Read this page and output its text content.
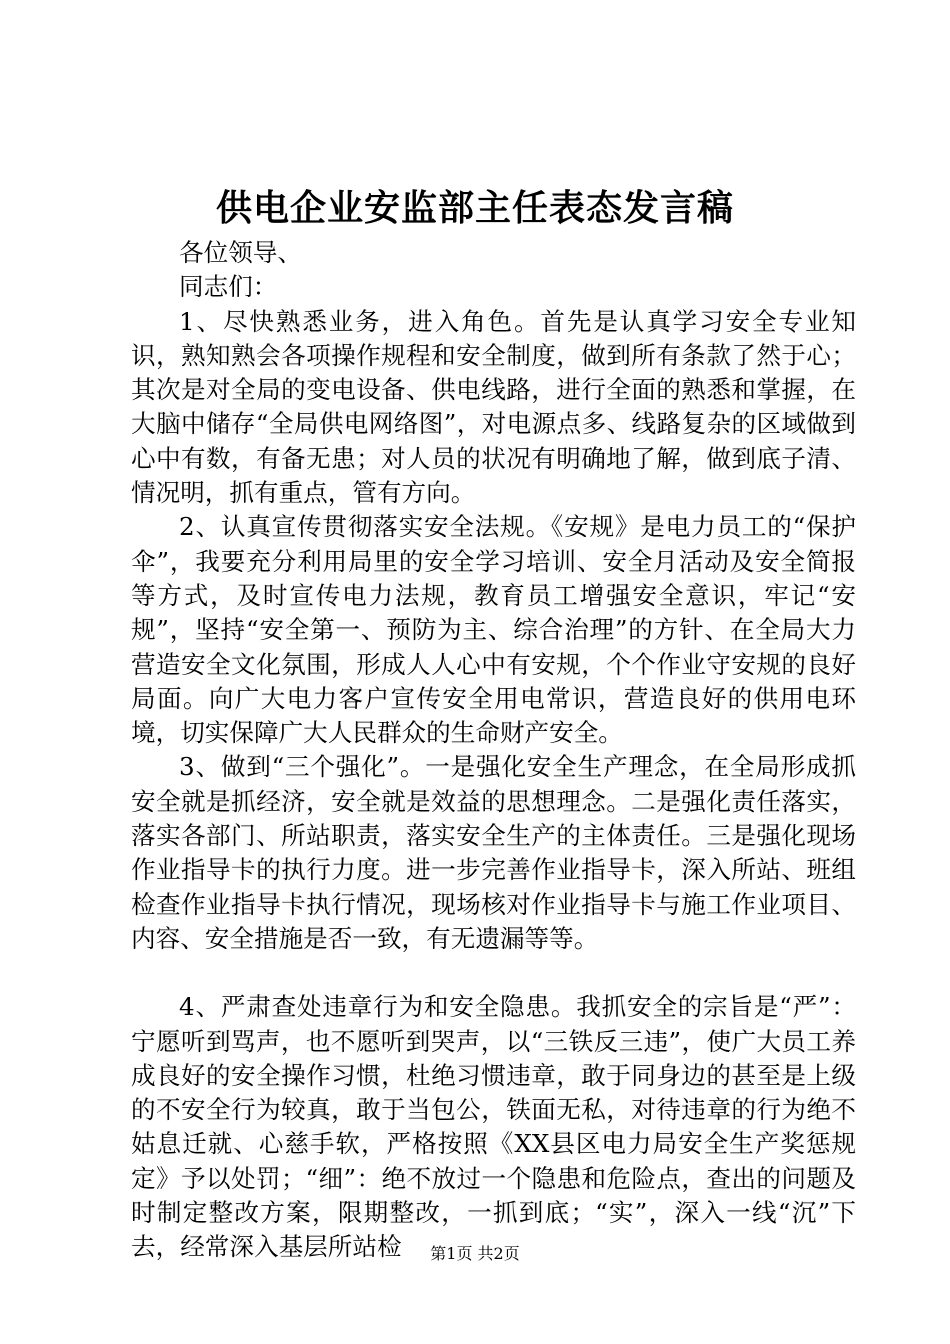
供电企业安监部主任表态发言稿

各位领导、

同志们：

1、尽快熟悉业务，进入角色。首先是认真学习安全专业知识，熟知熟会各项操作规程和安全制度，做到所有条款了然于心；其次是对全局的变电设备、供电线路，进行全面的熟悉和掌握，在大脑中储存“全局供电网络图”，对电源点多、线路复杂的区域做到心中有数，有备无患；对人员的状况有明确地了解，做到底子清、情况明，抓有重点，管有方向。

2、认真宣传贯彻落实安全法规。《安规》是电力员工的“保护伞”，我要充分利用局里的安全学习培训、安全月活动及安全简报等方式，及时宣传电力法规，教育员工增强安全意识，牢记“安规”，坚持“安全第一、预防为主、综合治理”的方针、在全局大力营造安全文化氛围，形成人人心中有安规，个个作业守安规的良好局面。向广大电力客户宣传安全用电常识，营造良好的供用电环境，切实保障广大人民群众的生命财产安全。

3、做到“三个强化”。一是强化安全生产理念，在全局形成抓安全就是抓经济，安全就是效益的思想理念。二是强化责任落实，落实各部门、所站职责，落实安全生产的主体责任。三是强化现场作业指导卡的执行力度。进一步完善作业指导卡，深入所站、班组检查作业指导卡执行情况，现场核对作业指导卡与施工作业项目、内容、安全措施是否一致，有无遗漏等等。

4、严肃查处违章行为和安全隐患。我抓安全的宗旨是“严”：宁愿听到骂声，也不愿听到哭声，以“三铁反三违”，使广大员工养成良好的安全操作习惯，杜绝习惯违章，敢于同身边的甚至是上级的不安全行为较真，敢于当包公，铁面无私，对待违章的行为绝不姑息迁就、心慈手软，严格按照《XX县区电力局安全生产奖惩规定》予以处罚；“细”：绝不放过一个隐患和危险点，查出的问题及时制定整改方案，限期整改，一抓到底；“实”，深入一线“沉”下去，经常深入基层所站检	第1页 共2页
